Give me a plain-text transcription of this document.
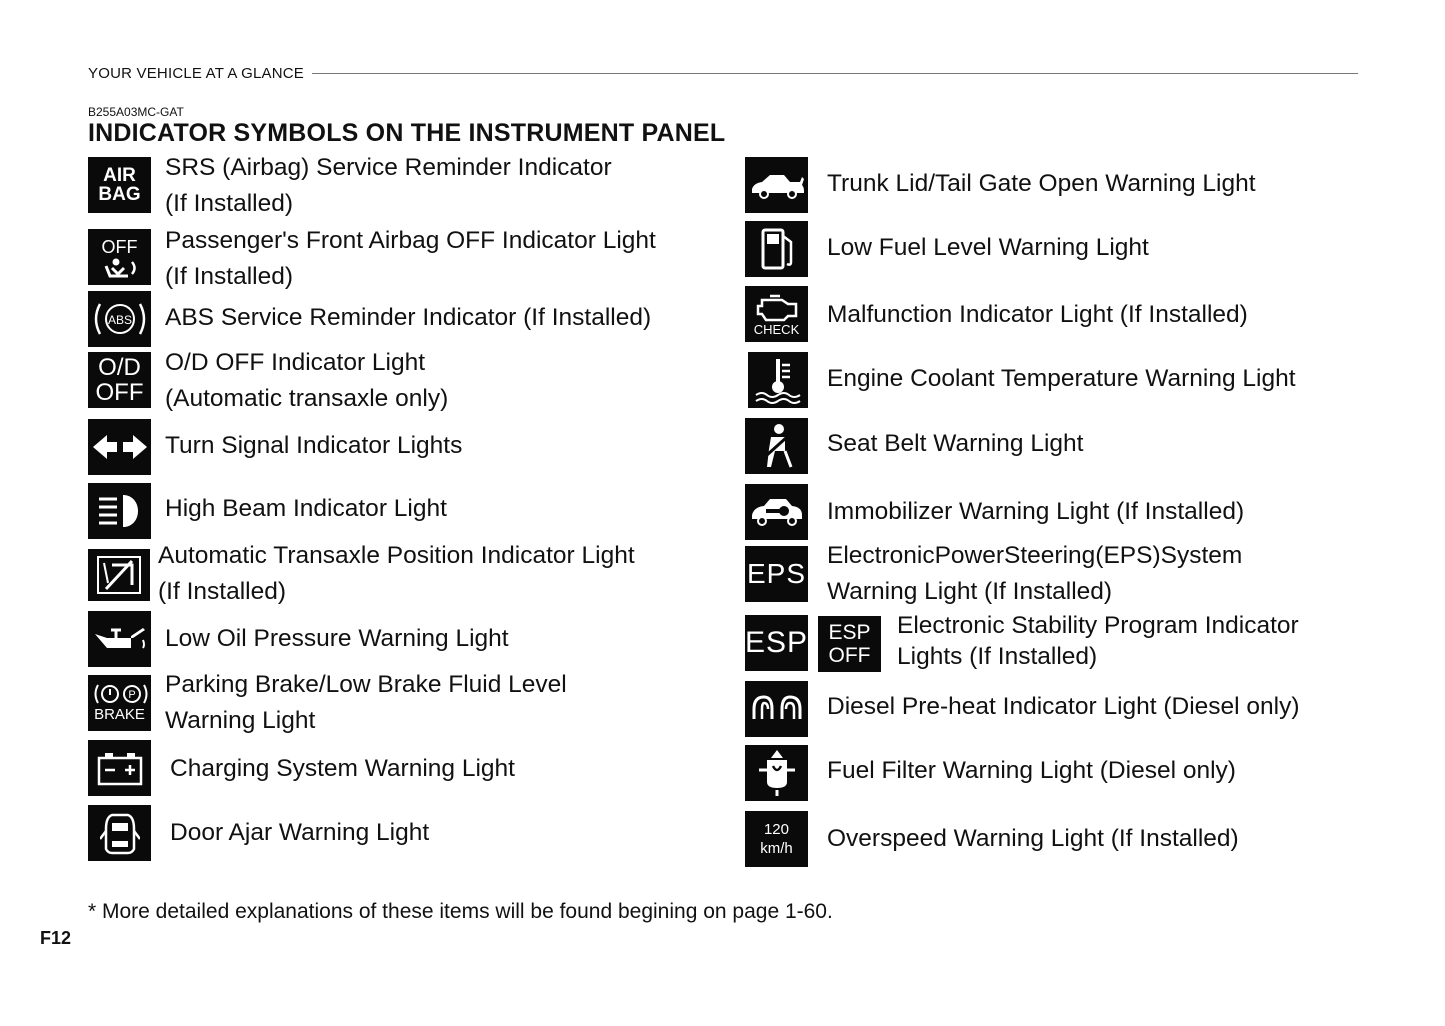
YOUR VEHICLE AT A GLANCE
B255A03MC-GAT
INDICATOR SYMBOLS ON THE INSTRUMENT PANEL
AIR
BAG
SRS (Airbag) Service Reminder Indicator
(If Installed)
OFF Passenger's Front Airbag OFF Indicator Light
(If Installed)
ABS ABS Service Reminder Indicator (If Installed)
O/D
OFF
O/D OFF Indicator Light
(Automatic transaxle only)
Turn Signal Indicator Lights
High Beam Indicator Light
Automatic Transaxle Position Indicator Light
(If Installed)
Low Oil Pressure Warning Light
P
BRAKE
Parking Brake/Low Brake Fluid Level
Warning Light
Charging System Warning Light
Door Ajar Warning Light
Trunk Lid/Tail Gate Open Warning Light
Low Fuel Level Warning Light
CHECK
Malfunction Indicator Light (If Installed)
Engine Coolant Temperature Warning Light
Seat Belt Warning Light
Immobilizer Warning Light (If Installed)
EPS
ElectronicPowerSteering(EPS)System
Warning Light (If Installed)
ESP ESP
OFF
Electronic Stability Program Indicator
Lights (If Installed)
Diesel Pre-heat Indicator Light (Diesel only)
Fuel Filter Warning Light (Diesel only)
120
km/h Overspeed Warning Light (If Installed)
* More detailed explanations of these items will be found begining on page 1-60.
F12
